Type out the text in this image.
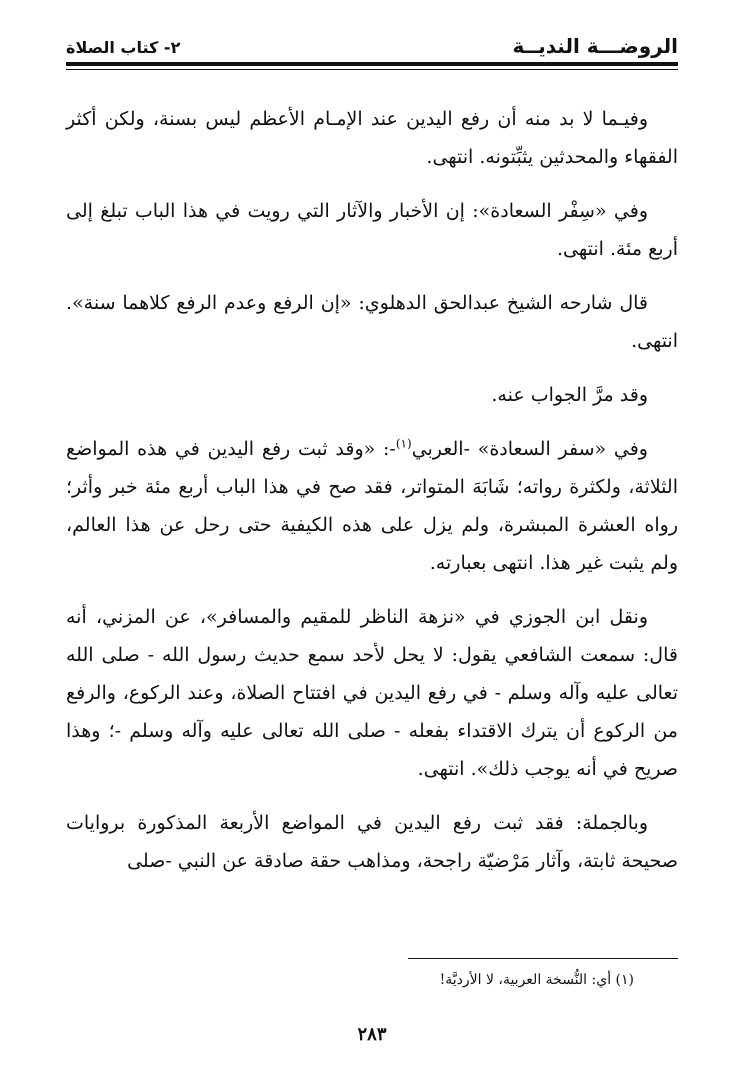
الروضـــة النديــة
٢- كتاب الصلاة

وفيـما لا بد منه أن رفع اليدين عند الإمـام الأعظم ليس بسنة، ولكن أكثر الفقهاء والمحدثين يثبِّتونه. انتهى.

وفي «سِفْر السعادة»: إن الأخبار والآثار التي رويت في هذا الباب تبلغ إلى أربع مئة. انتهى.

قال شارحه الشيخ عبدالحق الدهلوي: «إن الرفع وعدم الرفع كلاهما سنة». انتهى.

وقد مرَّ الجواب عنه.

وفي «سفر السعادة» -العربي$^{(١)}$-: «وقد ثبت رفع اليدين في هذه المواضع الثلاثة، ولكثرة رواته؛ شَابَهَ المتواتر، فقد صح في هذا الباب أربع مئة خبر وأثر؛ رواه العشرة المبشرة، ولم يزل على هذه الكيفية حتى رحل عن هذا العالم، ولم يثبت غير هذا. انتهى بعبارته.

ونقل ابن الجوزي في «نزهة الناظر للمقيم والمسافر»، عن المزني، أنه قال: سمعت الشافعي يقول: لا يحل لأحد سمع حديث رسول الله - صلى الله تعالى عليه وآله وسلم - في رفع اليدين في افتتاح الصلاة، وعند الركوع، والرفع من الركوع أن يترك الاقتداء بفعله - صلى الله تعالى عليه وآله وسلم -؛ وهذا صريح في أنه يوجب ذلك». انتهى.

وبالجملة: فقد ثبت رفع اليدين في المواضع الأربعة المذكورة بروايات صحيحة ثابتة، وآثار مَرْضيّة راجحة، ومذاهب حقة صادقة عن النبي -صلى

(١) أي: النُّسخة العربية، لا الأرديَّة!
٢٨٣
